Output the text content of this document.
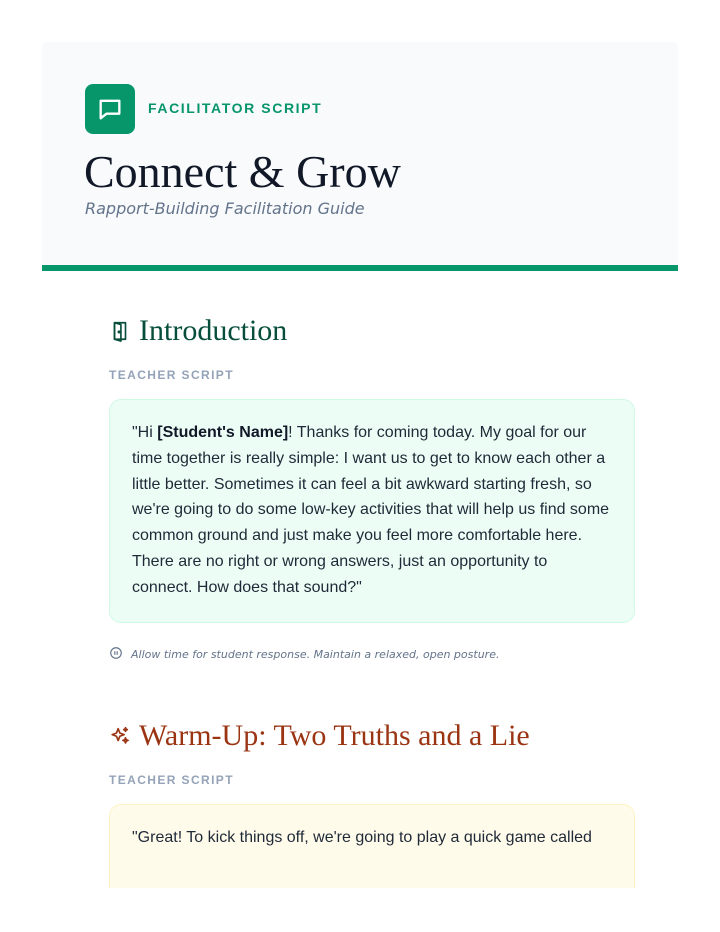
FACILITATOR SCRIPT
Connect & Grow
Rapport-Building Facilitation Guide
Introduction
TEACHER SCRIPT
"Hi [Student's Name]! Thanks for coming today. My goal for our time together is really simple: I want us to get to know each other a little better. Sometimes it can feel a bit awkward starting fresh, so we're going to do some low-key activities that will help us find some common ground and just make you feel more comfortable here. There are no right or wrong answers, just an opportunity to connect. How does that sound?"
Allow time for student response. Maintain a relaxed, open posture.
Warm-Up: Two Truths and a Lie
TEACHER SCRIPT
"Great! To kick things off, we're going to play a quick game called
